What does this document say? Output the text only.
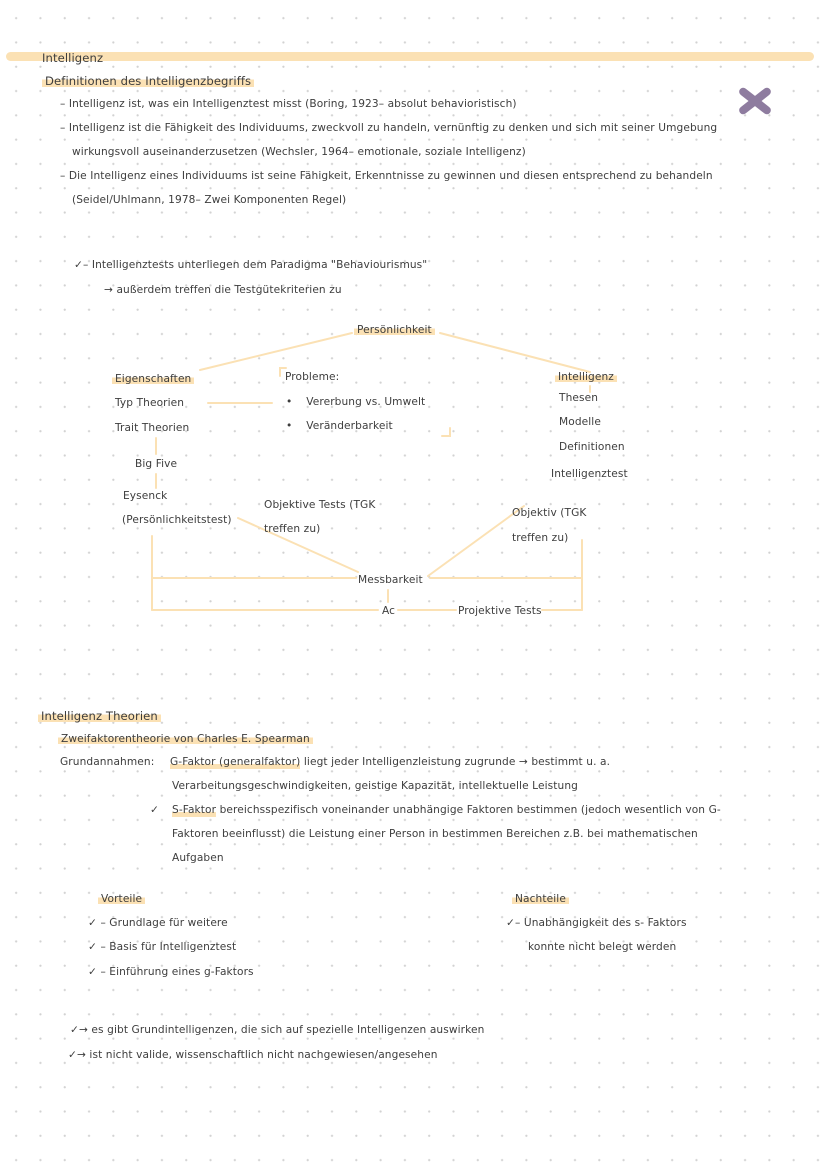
Intelligenz
Definitionen des Intelligenzbegriffs
– Intelligenz ist, was ein Intelligenztest misst (Boring, 1923– absolut behavioristisch)
– Intelligenz ist die Fähigkeit des Individuums, zweckvoll zu handeln, vernünftig zu denken und sich mit seiner Umgebung
wirkungsvoll auseinanderzusetzen (Wechsler, 1964– emotionale, soziale Intelligenz)
– Die Intelligenz eines Individuums ist seine Fähigkeit, Erkenntnisse zu gewinnen und diesen entsprechend zu behandeln
(Seidel/Uhlmann, 1978– Zwei Komponenten Regel)
✓– Intelligenztests unterliegen dem Paradigma "Behaviourismus"
→ außerdem treffen die Testgütekriterien zu
Persönlichkeit
Eigenschaften
Typ Theorien
Trait Theorien
Big Five
Eysenck
(Persönlichkeitstest)
Probleme:
•    Vererbung vs. Umwelt
•    Veränderbarkeit
Intelligenz
Thesen
Modelle
Definitionen
Intelligenztest
Objektive Tests (TGK
treffen zu)
Objektiv (TGK
treffen zu)
Messbarkeit
Ac	Projektive Tests
Intelligenz Theorien
Zweifaktorentheorie von Charles E. Spearman
Grundannahmen: G-Faktor (generalfaktor) liegt jeder Intelligenzleistung zugrunde → bestimmt u. a.
Verarbeitungsgeschwindigkeiten, geistige Kapazität, intellektuelle Leistung
✓ S-Faktor bereichsspezifisch voneinander unabhängige Faktoren bestimmen (jedoch wesentlich von G-
Faktoren beeinflusst) die Leistung einer Person in bestimmen Bereichen z.B. bei mathematischen
Aufgaben
Vorteile
✓ – Grundlage für weitere
✓ – Basis für Intelligenztest
✓ – Einführung eines g-Faktors
Nachteile
✓– Unabhängigkeit des s- Faktors
konnte nicht belegt werden
✓→ es gibt Grundintelligenzen, die sich auf spezielle Intelligenzen auswirken
✓→ ist nicht valide, wissenschaftlich nicht nachgewiesen/angesehen
